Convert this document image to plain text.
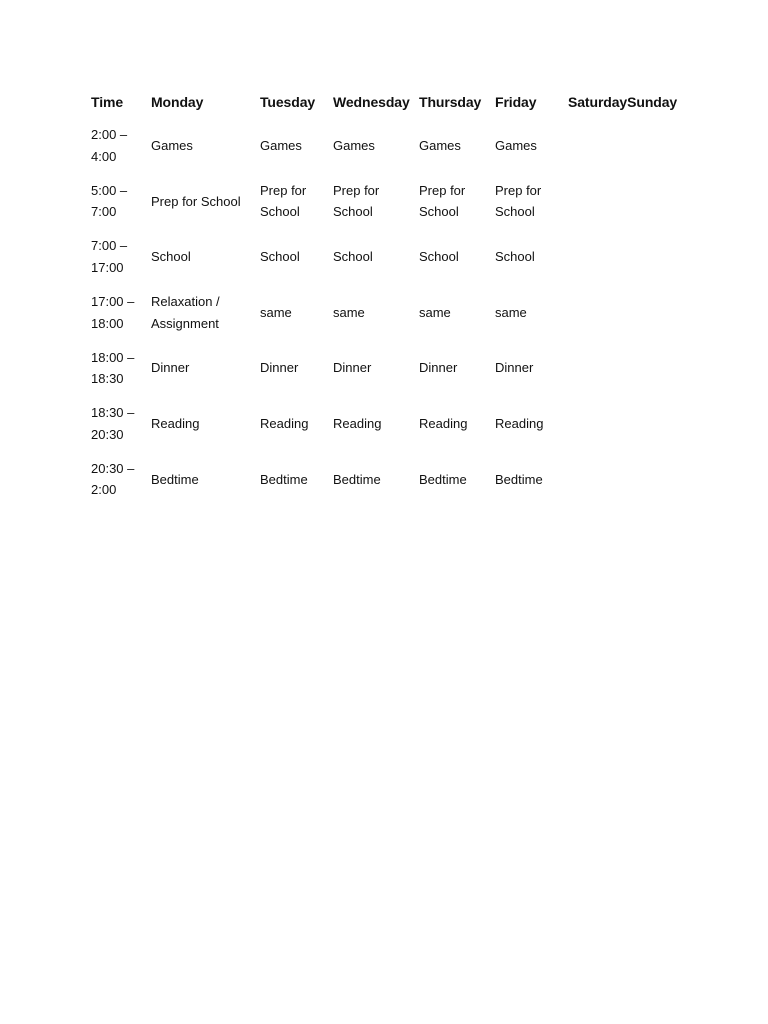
Time	Monday	Tuesday	Wednesday	Thursday	Friday	Saturday	Sunday
2:00 – 4:00	Games	Games	Games	Games	Games		
5:00 – 7:00	Prep for School	Prep for School	Prep for School	Prep for School	Prep for School		
7:00 – 17:00	School	School	School	School	School		
17:00 – 18:00	Relaxation / Assignment	same	same	same	same		
18:00 – 18:30	Dinner	Dinner	Dinner	Dinner	Dinner		
18:30 – 20:30	Reading	Reading	Reading	Reading	Reading		
20:30 – 2:00	Bedtime	Bedtime	Bedtime	Bedtime	Bedtime		
